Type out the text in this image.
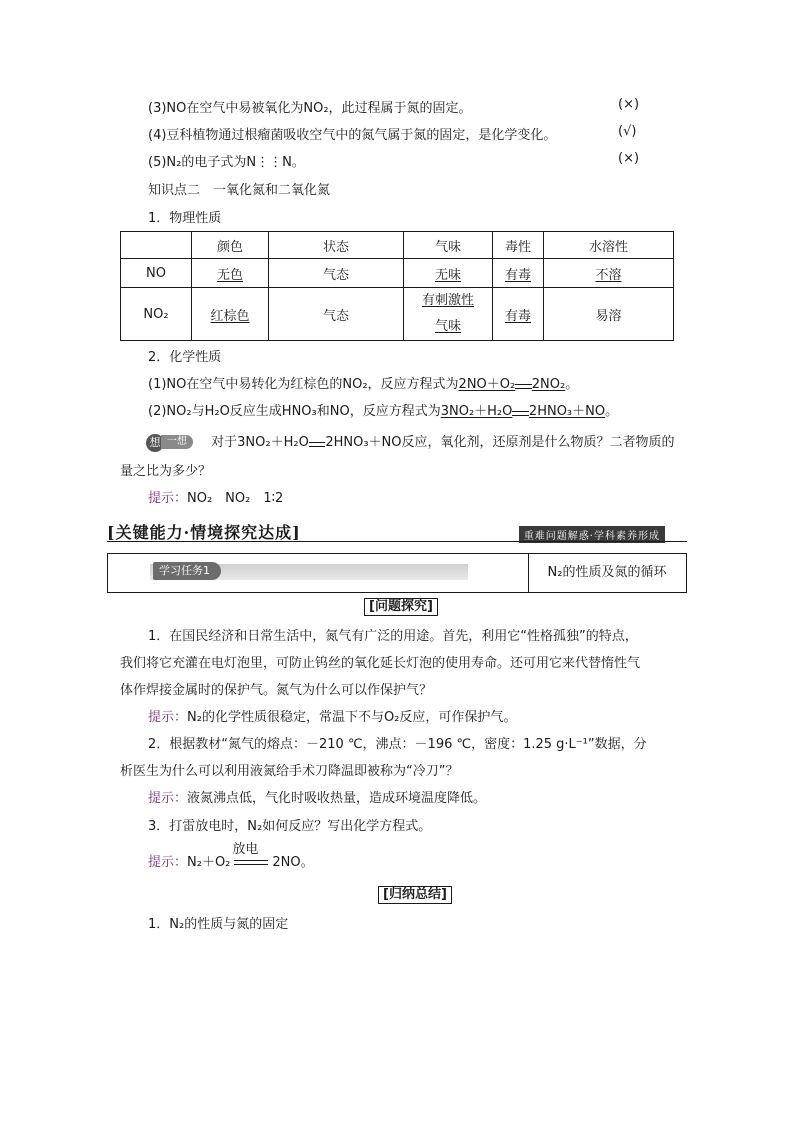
(3)NO在空气中易被氧化为NO₂，此过程属于氮的固定。	(×)
(4)豆科植物通过根瘤菌吸收空气中的氮气属于氮的固定，是化学变化。	(√)
(5)N₂的电子式为N⋮⋮N。	(×)
知识点二　一氧化氮和二氧化氮
1．物理性质
	颜色	状态	气味	毒性	水溶性
NO	无色	气态	无味	有毒	不溶
NO₂	红棕色	气态	有刺激性气味	有毒	易溶
2．化学性质
(1)NO在空气中易转化为红棕色的NO₂，反应方程式为2NO＋O₂ 2NO₂。
(2)NO₂与H₂O反应生成HNO₃和NO，反应方程式为3NO₂＋H₂O 2HNO₃＋NO。
想 一想 对于3NO₂＋H₂O 2HNO₃＋NO反应，氧化剂，还原剂是什么物质？二者物质的
量之比为多少？
提示：NO₂　NO₂　1∶2
[关键能力·情境探究达成]	重难问题解惑·学科素养形成
学习任务1	N₂的性质及氮的循环
[问题探究]
1．在国民经济和日常生活中，氮气有广泛的用途。首先，利用它“性格孤独”的特点，
我们将它充灌在电灯泡里，可防止钨丝的氧化延长灯泡的使用寿命。还可用它来代替惰性气
体作焊接金属时的保护气。氮气为什么可以作保护气？
提示：N₂的化学性质很稳定，常温下不与O₂反应，可作保护气。
2．根据教材“氮气的熔点：－210 ℃，沸点：－196 ℃，密度：1.25 g·L⁻¹”数据，分
析医生为什么可以利用液氮给手术刀降温即被称为“冷刀”？
提示：液氮沸点低，气化时吸收热量，造成环境温度降低。
3．打雷放电时，N₂如何反应？写出化学方程式。
提示：N₂＋O₂
放电
2NO。
[归纳总结]
1．N₂的性质与氮的固定
